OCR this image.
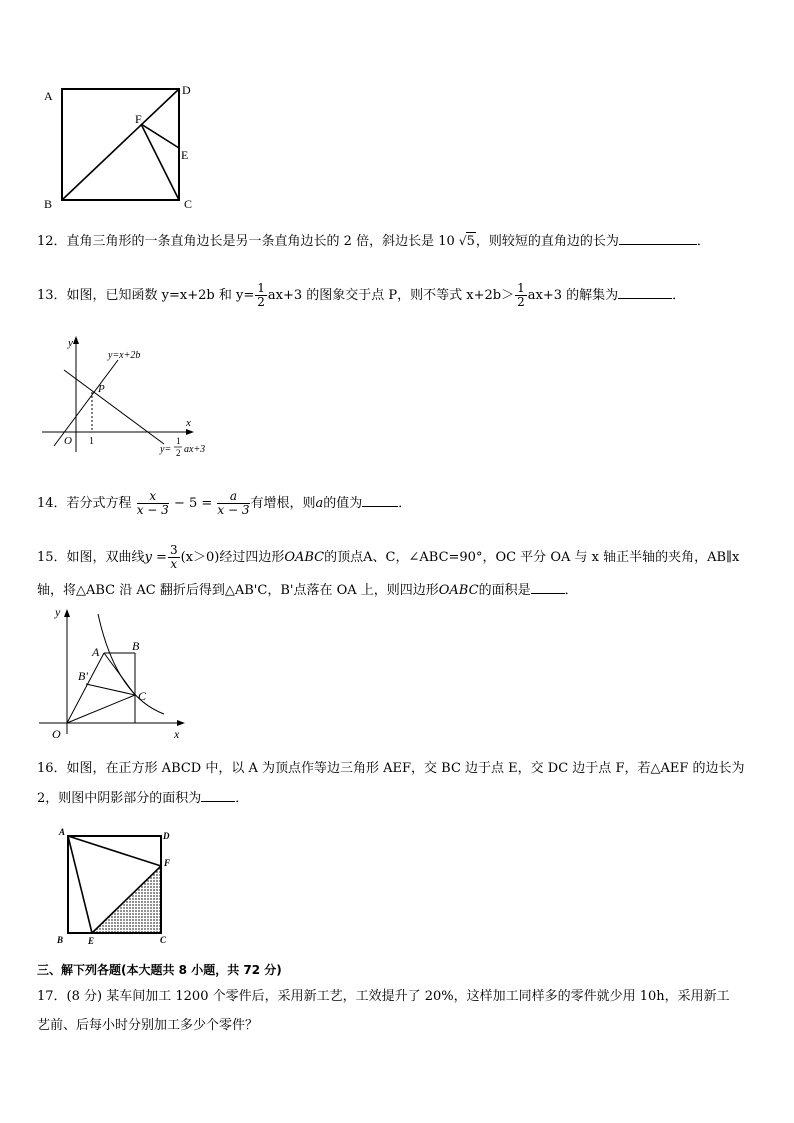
A	D
B	C
F
E
12．直角三角形的一条直角边长是另一条直角边长的 2 倍，斜边长是 10 √5，则较短的直角边的长为	．
13．如图，已知函数 y=x+2b 和 $y= \frac{1}{2} ax+3$ 的图象交于点 P，则不等式 $x+2b> \frac{1}{2} ax+3$ 的解集为	．
y
x
O 1
P
y=x+2b
y=
1
2 ax+3
14．若分式方程 $\frac{x}{x - 3} - 5 = \frac{a}{x - 3}$ 有增根，则a的值为	．
15．如图，双曲线$y = \frac{3}{x} (x>0)$经过四边形OABC的顶点A、C，∠ABC=90°，OC 平分 OA 与 x 轴正半轴的夹角，AB∥x
轴，将△ABC 沿 AC 翻折后得到△AB'C，B'点落在 OA 上，则四边形OABC的面积是	．
y
x
O
A	B
B'
C
16．如图，在正方形 ABCD 中，以 A 为顶点作等边三角形 AEF，交 BC 边于点 E，交 DC 边于点 F，若△AEF 的边长为
2，则图中阴影部分的面积为	．
A	D
F
B	E	C
三、解下列各题(本大题共 8 小题，共 72 分)
17．(8 分) 某车间加工 1200 个零件后，采用新工艺，工效提升了 20%，这样加工同样多的零件就少用 10h，采用新工
艺前、后每小时分别加工多少个零件？
